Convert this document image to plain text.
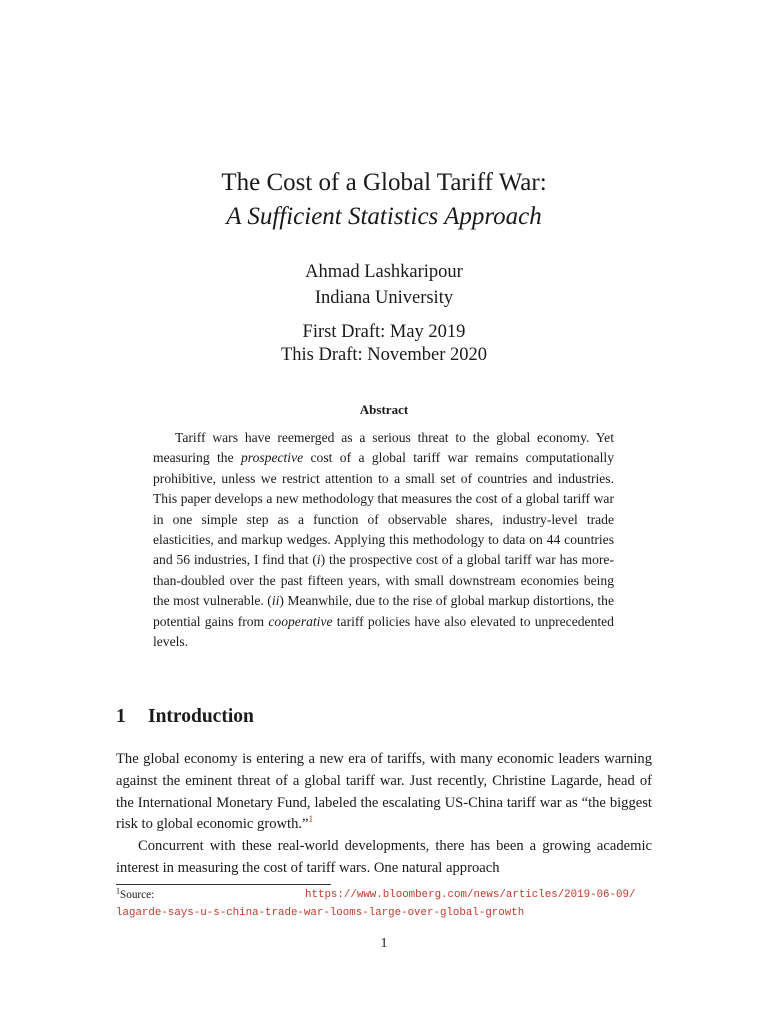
The Cost of a Global Tariff War:
A Sufficient Statistics Approach
Ahmad Lashkaripour
Indiana University
First Draft: May 2019
This Draft: November 2020
Abstract

Tariff wars have reemerged as a serious threat to the global economy. Yet measuring the prospective cost of a global tariff war remains computationally prohibitive, unless we restrict attention to a small set of countries and industries. This paper develops a new methodology that measures the cost of a global tariff war in one simple step as a function of observable shares, industry-level trade elasticities, and markup wedges. Applying this methodology to data on 44 countries and 56 industries, I find that (i) the prospective cost of a global tariff war has more-than-doubled over the past fifteen years, with small downstream economies being the most vulnerable. (ii) Meanwhile, due to the rise of global markup distortions, the potential gains from cooperative tariff policies have also elevated to unprecedented levels.

1 Introduction

The global economy is entering a new era of tariffs, with many economic leaders warning against the eminent threat of a global tariff war. Just recently, Christine Lagarde, head of the International Monetary Fund, labeled the escalating US-China tariff war as “the biggest risk to global economic growth.”$^1$

Concurrent with these real-world developments, there has been a growing academic interest in measuring the cost of tariff wars. One natural approach

$^1$Source:	https://www.bloomberg.com/news/articles/2019-06-09/
lagarde-says-u-s-china-trade-war-looms-large-over-global-growth
1
